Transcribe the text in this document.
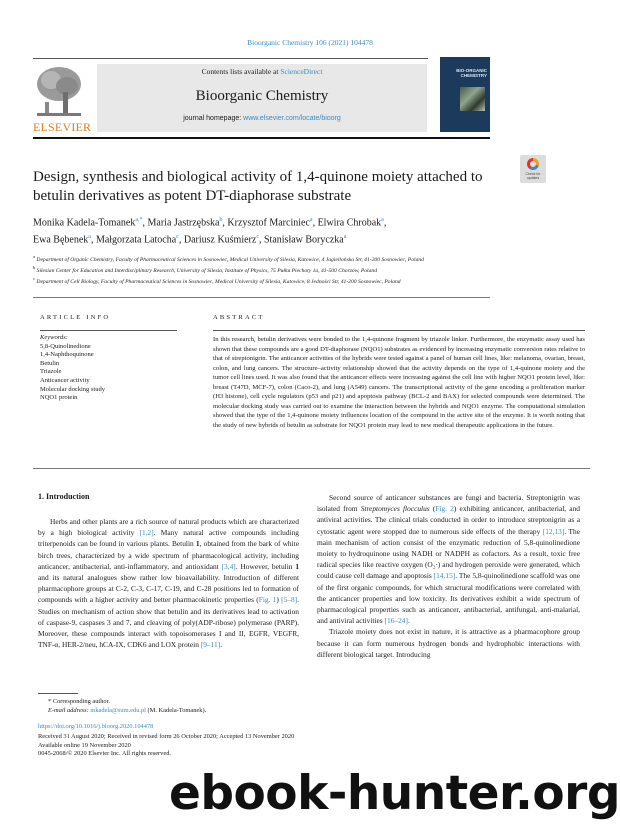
Bioorganic Chemistry 106 (2021) 104478
ELSEVIER
Contents lists available at ScienceDirect
Bioorganic Chemistry
journal homepage: www.elsevier.com/locate/bioorg
BIO-ORGANIC
CHEMISTRY
Check for
updates
Design, synthesis and biological activity of 1,4-quinone moiety attached to
betulin derivatives as potent DT-diaphorase substrate
Monika Kadela-Tomanek$^{a,*}$, Maria Jastrzębska$^b$, Krzysztof Marciniec$^a$, Elwira Chrobak$^a$,
Ewa Bębenek$^a$, Małgorzata Latocha$^c$, Dariusz Kuśmierz$^c$, Stanisław Boryczka$^a$
$^a$ Department of Organic Chemistry, Faculty of Pharmaceutical Sciences in Sosnowiec, Medical University of Silesia, Katowice, 4 Jagiellońska Str, 41-200 Sosnowiec, Poland
$^b$ Silesian Center for Education and Interdisciplinary Research, University of Silesia, Institute of Physics, 75 Pułku Piechoty 1a, 41-500 Chorzów, Poland
$^c$ Department of Cell Biology, Faculty of Pharmaceutical Sciences in Sosnowiec, Medical University of Silesia, Katowice, 8 Jedności Str, 41-200 Sosnowiec, Poland
ARTICLE INFO
Keywords:
5,8-Quinolinedione
1,4-Naphthoquinone
Betulin
Triazole
Anticancer activity
Molecular docking study
NQO1 protein
ABSTRACT
In this research, betulin derivatives were bonded to the 1,4-quinone fragment by triazole linker. Furthermore, the enzymatic assay used has shown that these compounds are a good DT-diaphorase (NQO1) substrates as evidenced by increasing enzymatic conversion rates relative to that of streptonigrin. The anticancer activities of the hybrids were tested against a panel of human cell lines, like: melanoma, ovarian, breast, colon, and lung cancers. The structure–activity relationship showed that the activity depends on the type of 1,4-quinone moiety and the tumor cell lines used. It was also found that the anticancer effects were increasing against the cell line with higher NQO1 protein level, like: breast (T47D, MCF-7), colon (Caco-2), and lung (A549) cancers. The transcriptional activity of the gene encoding a proliferation marker (H3 histone), cell cycle regulators (p53 and p21) and apoptosis pathway (BCL-2 and BAX) for selected compounds were determined. The molecular docking study was carried out to examine the interaction between the hybrids and NQO1 enzyme. The computational simulation showed that the type of the 1,4-quinone moiety influences location of the compound in the active site of the enzyme. It is worth noting that the study of new hybrids of betulin as substrate for NQO1 protein may lead to new medical therapeutic applications in the future.
1. Introduction

Herbs and other plants are a rich source of natural products which are characterized by a high biological activity [1,2]. Many natural active compounds including triterpenoids can be found in various plants. Betulin 1, obtained from the bark of white birch trees, characterized by a wide spectrum of pharmacological activity, including anticancer, antibacterial, anti-inflammatory, and antioxidant [3,4]. However, betulin 1 and its natural analogues show rather low bioavailability. Introduction of different pharmacophore groups at C-2, C-3, C-17, C-19, and C-28 positions led to formation of compounds with a higher activity and better pharmacokinetic properties (Fig. 1) [5–8]. Studies on mechanism of action show that betulin and its derivatives lead to activation of caspase-9, caspases 3 and 7, and cleaving of poly(ADP-ribose) polymerase (PARP). Moreover, these compounds interact with topoisomerases I and II, EGFR, VEGFR, TNF-α, HER-2/neu, hCA-IX, CDK6 and LOX protein [9–11].

Second source of anticancer substances are fungi and bacteria. Streptonigrin was isolated from Streptomyces flocculus (Fig. 2) exhibiting anticancer, antibacterial, and antiviral activities. The clinical trials conducted in order to introduce streptonigrin as a cytostatic agent were stopped due to numerous side effects of the therapy [12,13]. The main mechanism of action consist of the enzymatic reduction of 5,8-quinolinedione moiety to hydroquinone using NADH or NADPH as cofactors. As a result, toxic free radical species like reactive oxygen (O₂·) and hydrogen peroxide were generated, which could cause cell damage and apoptosis [14,15]. The 5,8-quinolinedione scaffold was one of the first organic compounds, for which structural modifications were correlated with the anticancer properties and low toxicity. Its derivatives exhibit a wide spectrum of pharmacological properties such as anticancer, antibacterial, antifungal, anti-malarial, and antiviral activities [16–24].

Triazole moiety does not exist in nature, it is attractive as a pharmacophore group because it can form numerous hydrogen bonds and hydrophobic interactions with different biological target. Introducing

* Corresponding author.
E-mail address: mkadela@sum.edu.pl (M. Kadela-Tomanek).
https://doi.org/10.1016/j.bioorg.2020.104478
Received 31 August 2020; Received in revised form 26 October 2020; Accepted 13 November 2020
Available online 19 November 2020
0045-2068/© 2020 Elsevier Inc. All rights reserved.
ebook-hunter.org
